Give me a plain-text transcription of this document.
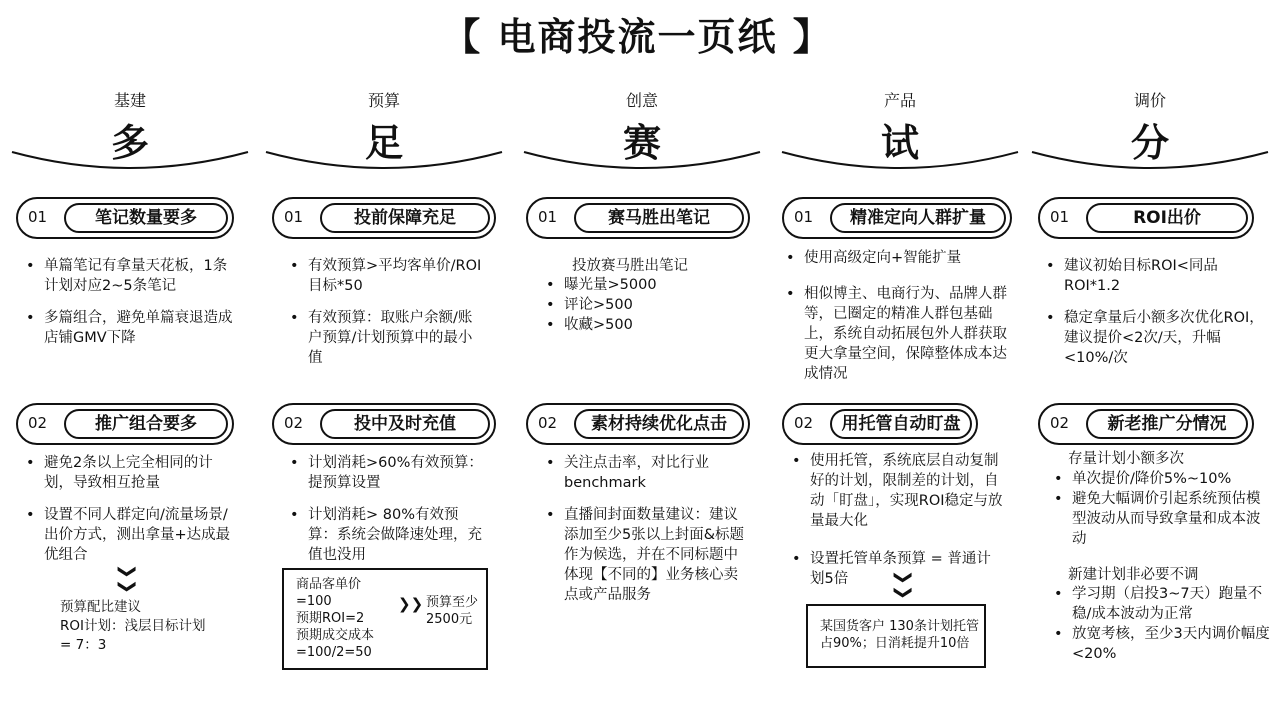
【 电商投流一页纸 】
基建
多
01	笔记数量要多
• 单篇笔记有拿量天花板，1条计划对应2~5条笔记
• 多篇组合，避免单篇衰退造成店铺GMV下降
02	推广组合要多
• 避免2条以上完全相同的计划，导致相互抢量
• 设置不同人群定向/流量场景/出价方式，测出拿量+达成最优组合
❯❯
预算配比建议
ROI计划：浅层目标计划 = 7：3
预算
足
01	投前保障充足
• 有效预算>平均客单价/ROI目标*50
• 有效预算：取账户余额/账户预算/计划预算中的最小值
02	投中及时充值
• 计划消耗>60%有效预算：提预算设置
• 计划消耗> 80%有效预算：系统会做降速处理，充值也没用
商品客单价=100
预期ROI=2
预期成交成本=100/2=50
❯❯ 预算至少2500元
创意
赛
01	赛马胜出笔记
投放赛马胜出笔记
• 曝光量>5000
• 评论>500
• 收藏>500
02	素材持续优化点击
• 关注点击率，对比行业benchmark
• 直播间封面数量建议：建议添加至少5张以上封面&标题作为候选，并在不同标题中体现【不同的】业务核心卖点或产品服务
产品
试
01	精准定向人群扩量
• 使用高级定向+智能扩量
• 相似博主、电商行为、品牌人群等，已圈定的精准人群包基础上，系统自动拓展包外人群获取更大拿量空间，保障整体成本达成情况
02	用托管自动盯盘
• 使用托管，系统底层自动复制好的计划，限制差的计划，自动「盯盘」，实现ROI稳定与放量最大化
• 设置托管单条预算 = 普通计划5倍	❯❯
某国货客户 130条计划托管占90%；日消耗提升10倍
调价
分
01	ROI出价
• 建议初始目标ROI<同品ROI*1.2
• 稳定拿量后小额多次优化ROI，建议提价<2次/天，升幅<10%/次
02	新老推广分情况
存量计划小额多次
• 单次提价/降价5%~10%
• 避免大幅调价引起系统预估模型波动从而导致拿量和成本波动
新建计划非必要不调
• 学习期（启投3~7天）跑量不稳/成本波动为正常
• 放宽考核，至少3天内调价幅度<20%
